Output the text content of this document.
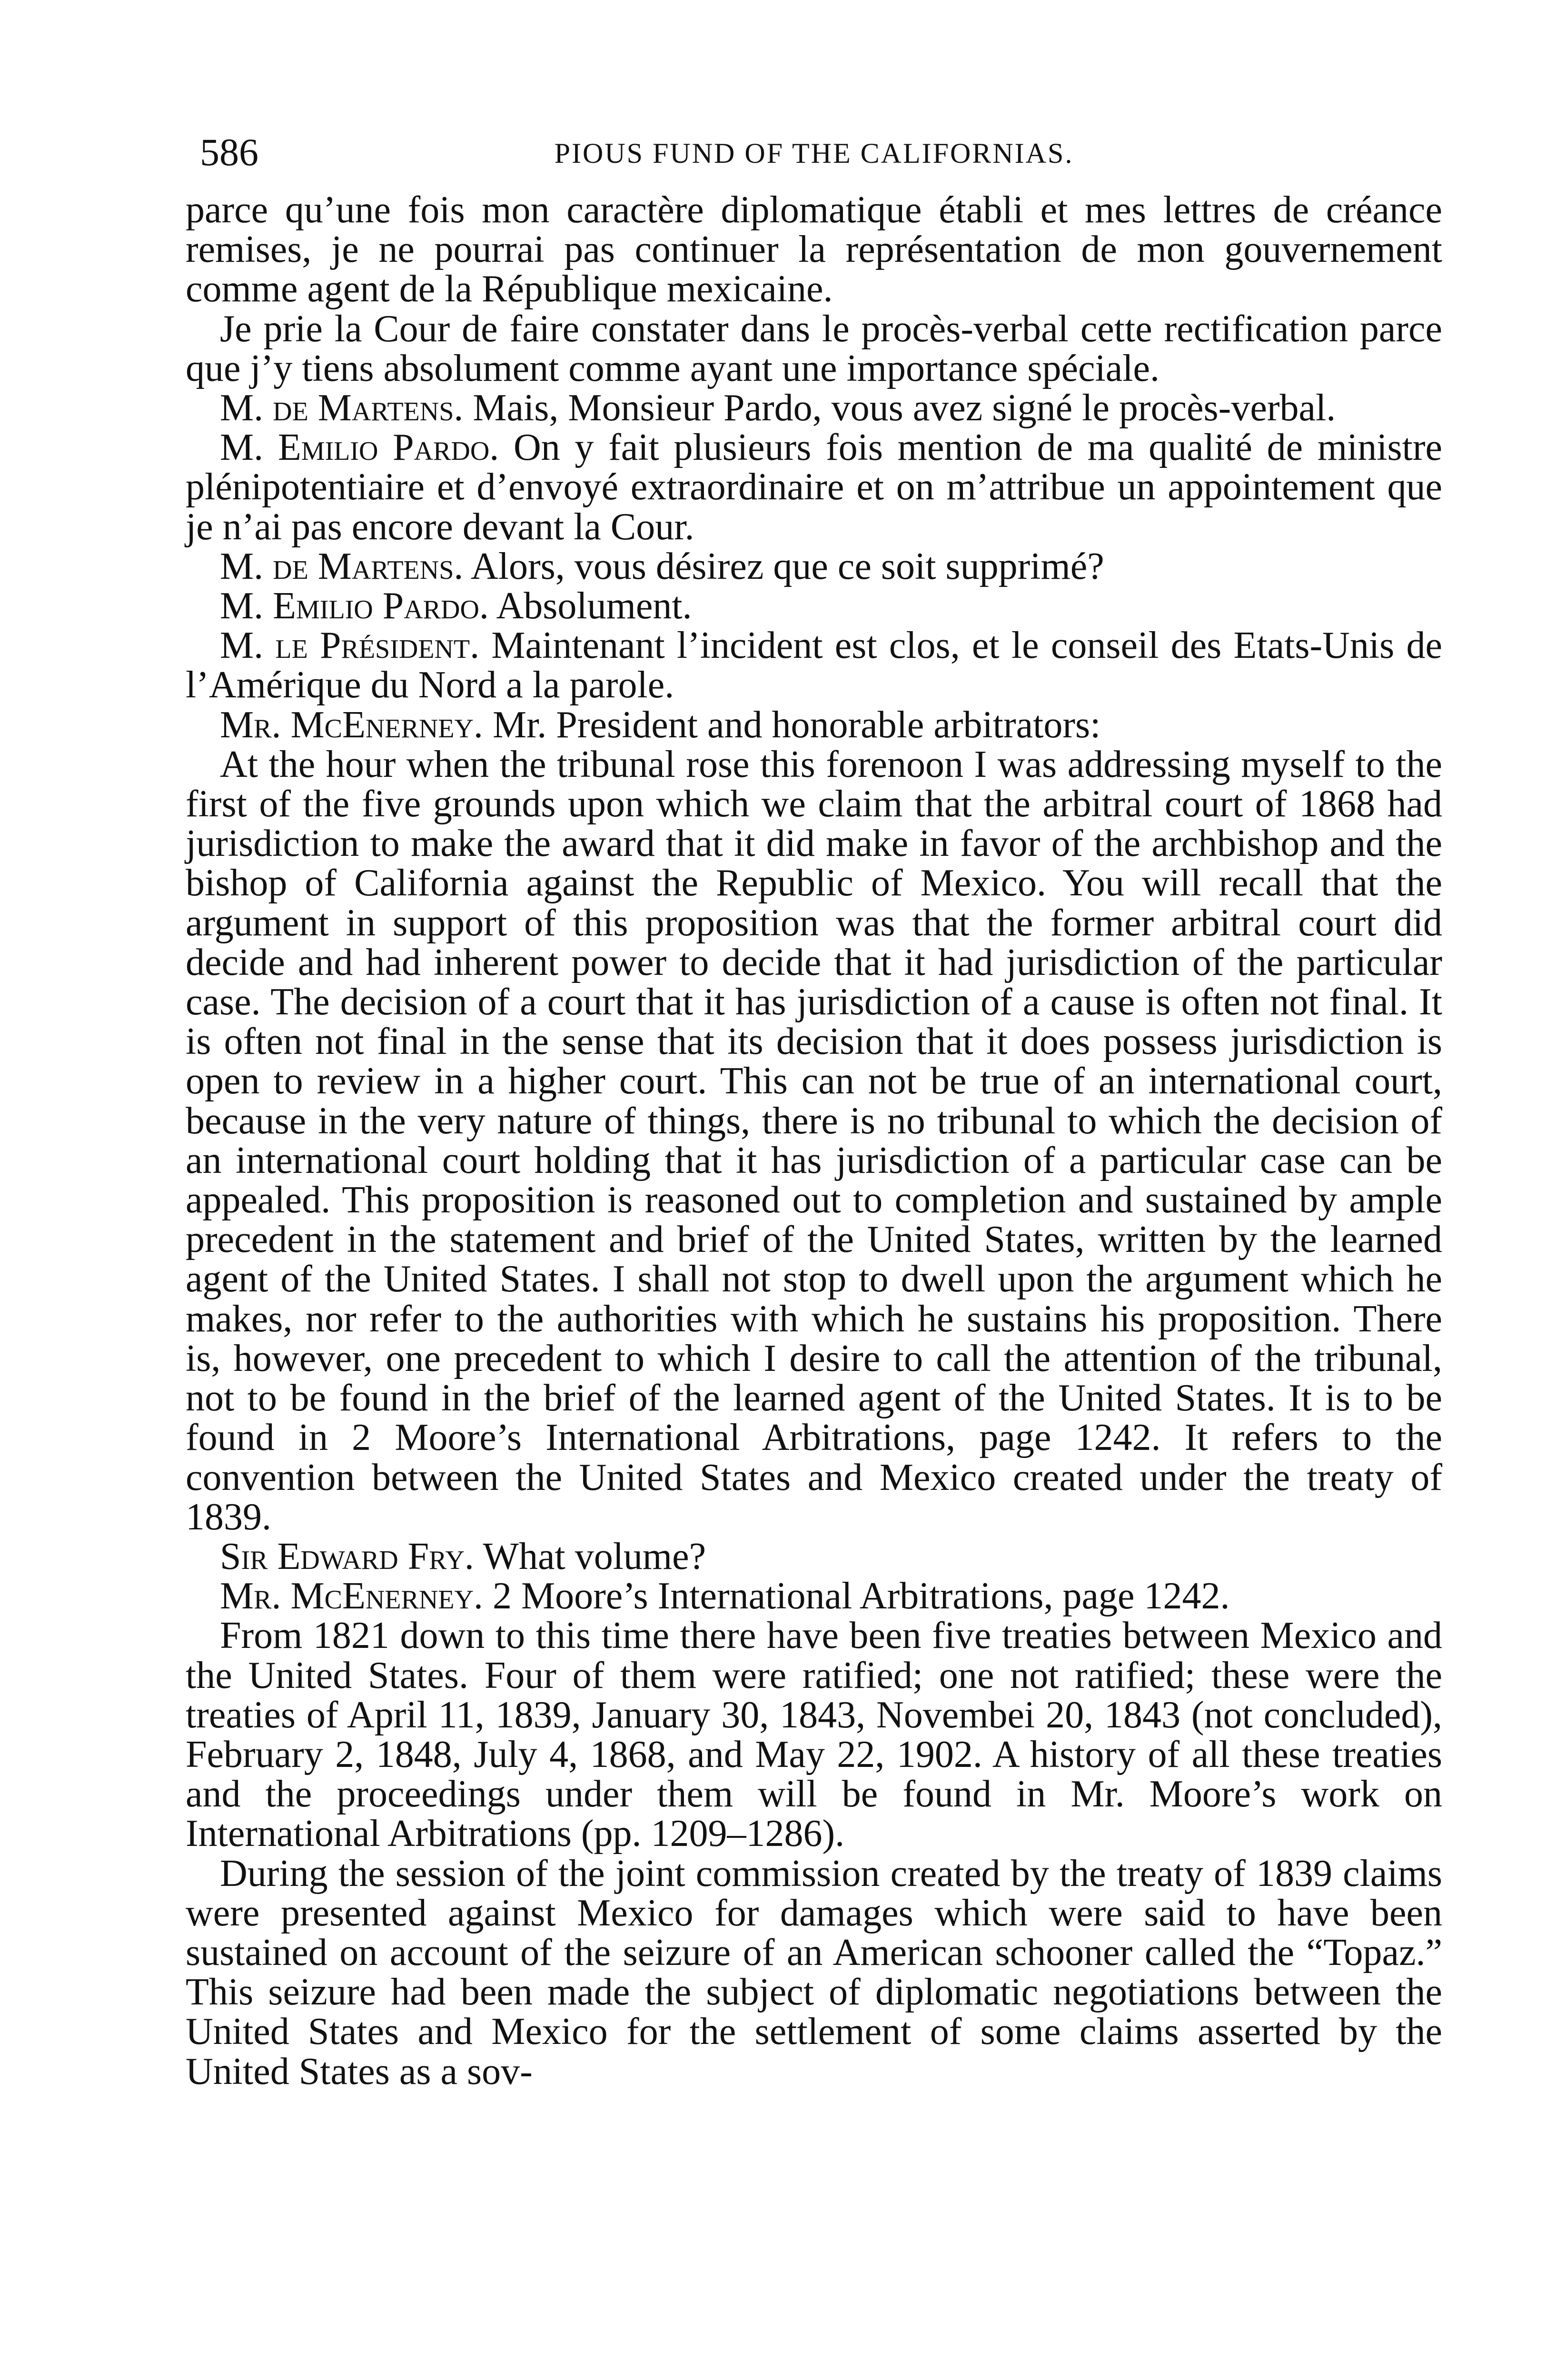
586	PIOUS FUND OF THE CALIFORNIAS.

parce qu’une fois mon caractère diplomatique établi et mes lettres de créance remises, je ne pourrai pas continuer la représentation de mon gouvernement comme agent de la République mexicaine.

Je prie la Cour de faire constater dans le procès-verbal cette rectification parce que j’y tiens absolument comme ayant une importance spéciale.

M. de Martens. Mais, Monsieur Pardo, vous avez signé le procès-verbal.

M. Emilio Pardo. On y fait plusieurs fois mention de ma qualité de ministre plénipotentiaire et d’envoyé extraordinaire et on m’attribue un appointement que je n’ai pas encore devant la Cour.

M. de Martens. Alors, vous désirez que ce soit supprimé?

M. Emilio Pardo. Absolument.

M. le Président. Maintenant l’incident est clos, et le conseil des Etats-Unis de l’Amérique du Nord a la parole.

Mr. McEnerney. Mr. President and honorable arbitrators:

At the hour when the tribunal rose this forenoon I was addressing myself to the first of the five grounds upon which we claim that the arbitral court of 1868 had jurisdiction to make the award that it did make in favor of the archbishop and the bishop of California against the Republic of Mexico. You will recall that the argument in support of this proposition was that the former arbitral court did decide and had inherent power to decide that it had jurisdiction of the particular case. The decision of a court that it has jurisdiction of a cause is often not final. It is often not final in the sense that its decision that it does possess jurisdiction is open to review in a higher court. This can not be true of an international court, because in the very nature of things, there is no tribunal to which the decision of an international court holding that it has jurisdiction of a particular case can be appealed. This proposition is reasoned out to completion and sustained by ample precedent in the statement and brief of the United States, written by the learned agent of the United States. I shall not stop to dwell upon the argument which he makes, nor refer to the authorities with which he sustains his proposition. There is, however, one precedent to which I desire to call the attention of the tribunal, not to be found in the brief of the learned agent of the United States. It is to be found in 2 Moore’s International Arbitrations, page 1242. It refers to the convention between the United States and Mexico created under the treaty of 1839.

Sir Edward Fry. What volume?

Mr. McEnerney. 2 Moore’s International Arbitrations, page 1242.

From 1821 down to this time there have been five treaties between Mexico and the United States. Four of them were ratified; one not ratified; these were the treaties of April 11, 1839, January 30, 1843, Novembei 20, 1843 (not concluded), February 2, 1848, July 4, 1868, and May 22, 1902. A history of all these treaties and the proceedings under them will be found in Mr. Moore’s work on International Arbitrations (pp. 1209–1286).

During the session of the joint commission created by the treaty of 1839 claims were presented against Mexico for damages which were said to have been sustained on account of the seizure of an American schooner called the “Topaz.” This seizure had been made the subject of diplomatic negotiations between the United States and Mexico for the settlement of some claims asserted by the United States as a sov-
